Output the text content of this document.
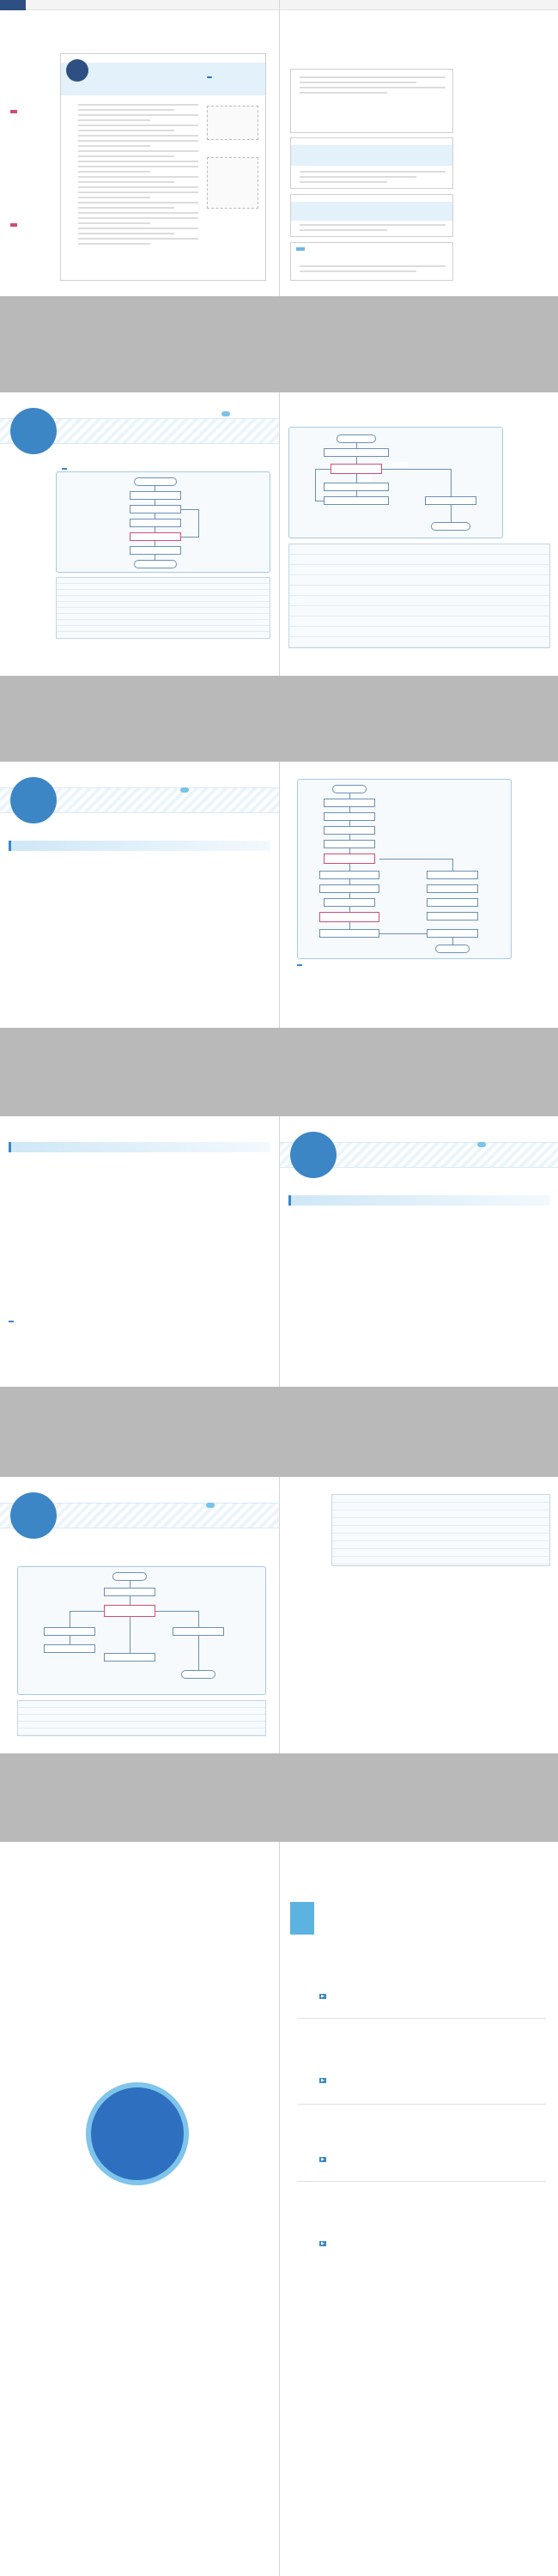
▶
▶
▶
▶
